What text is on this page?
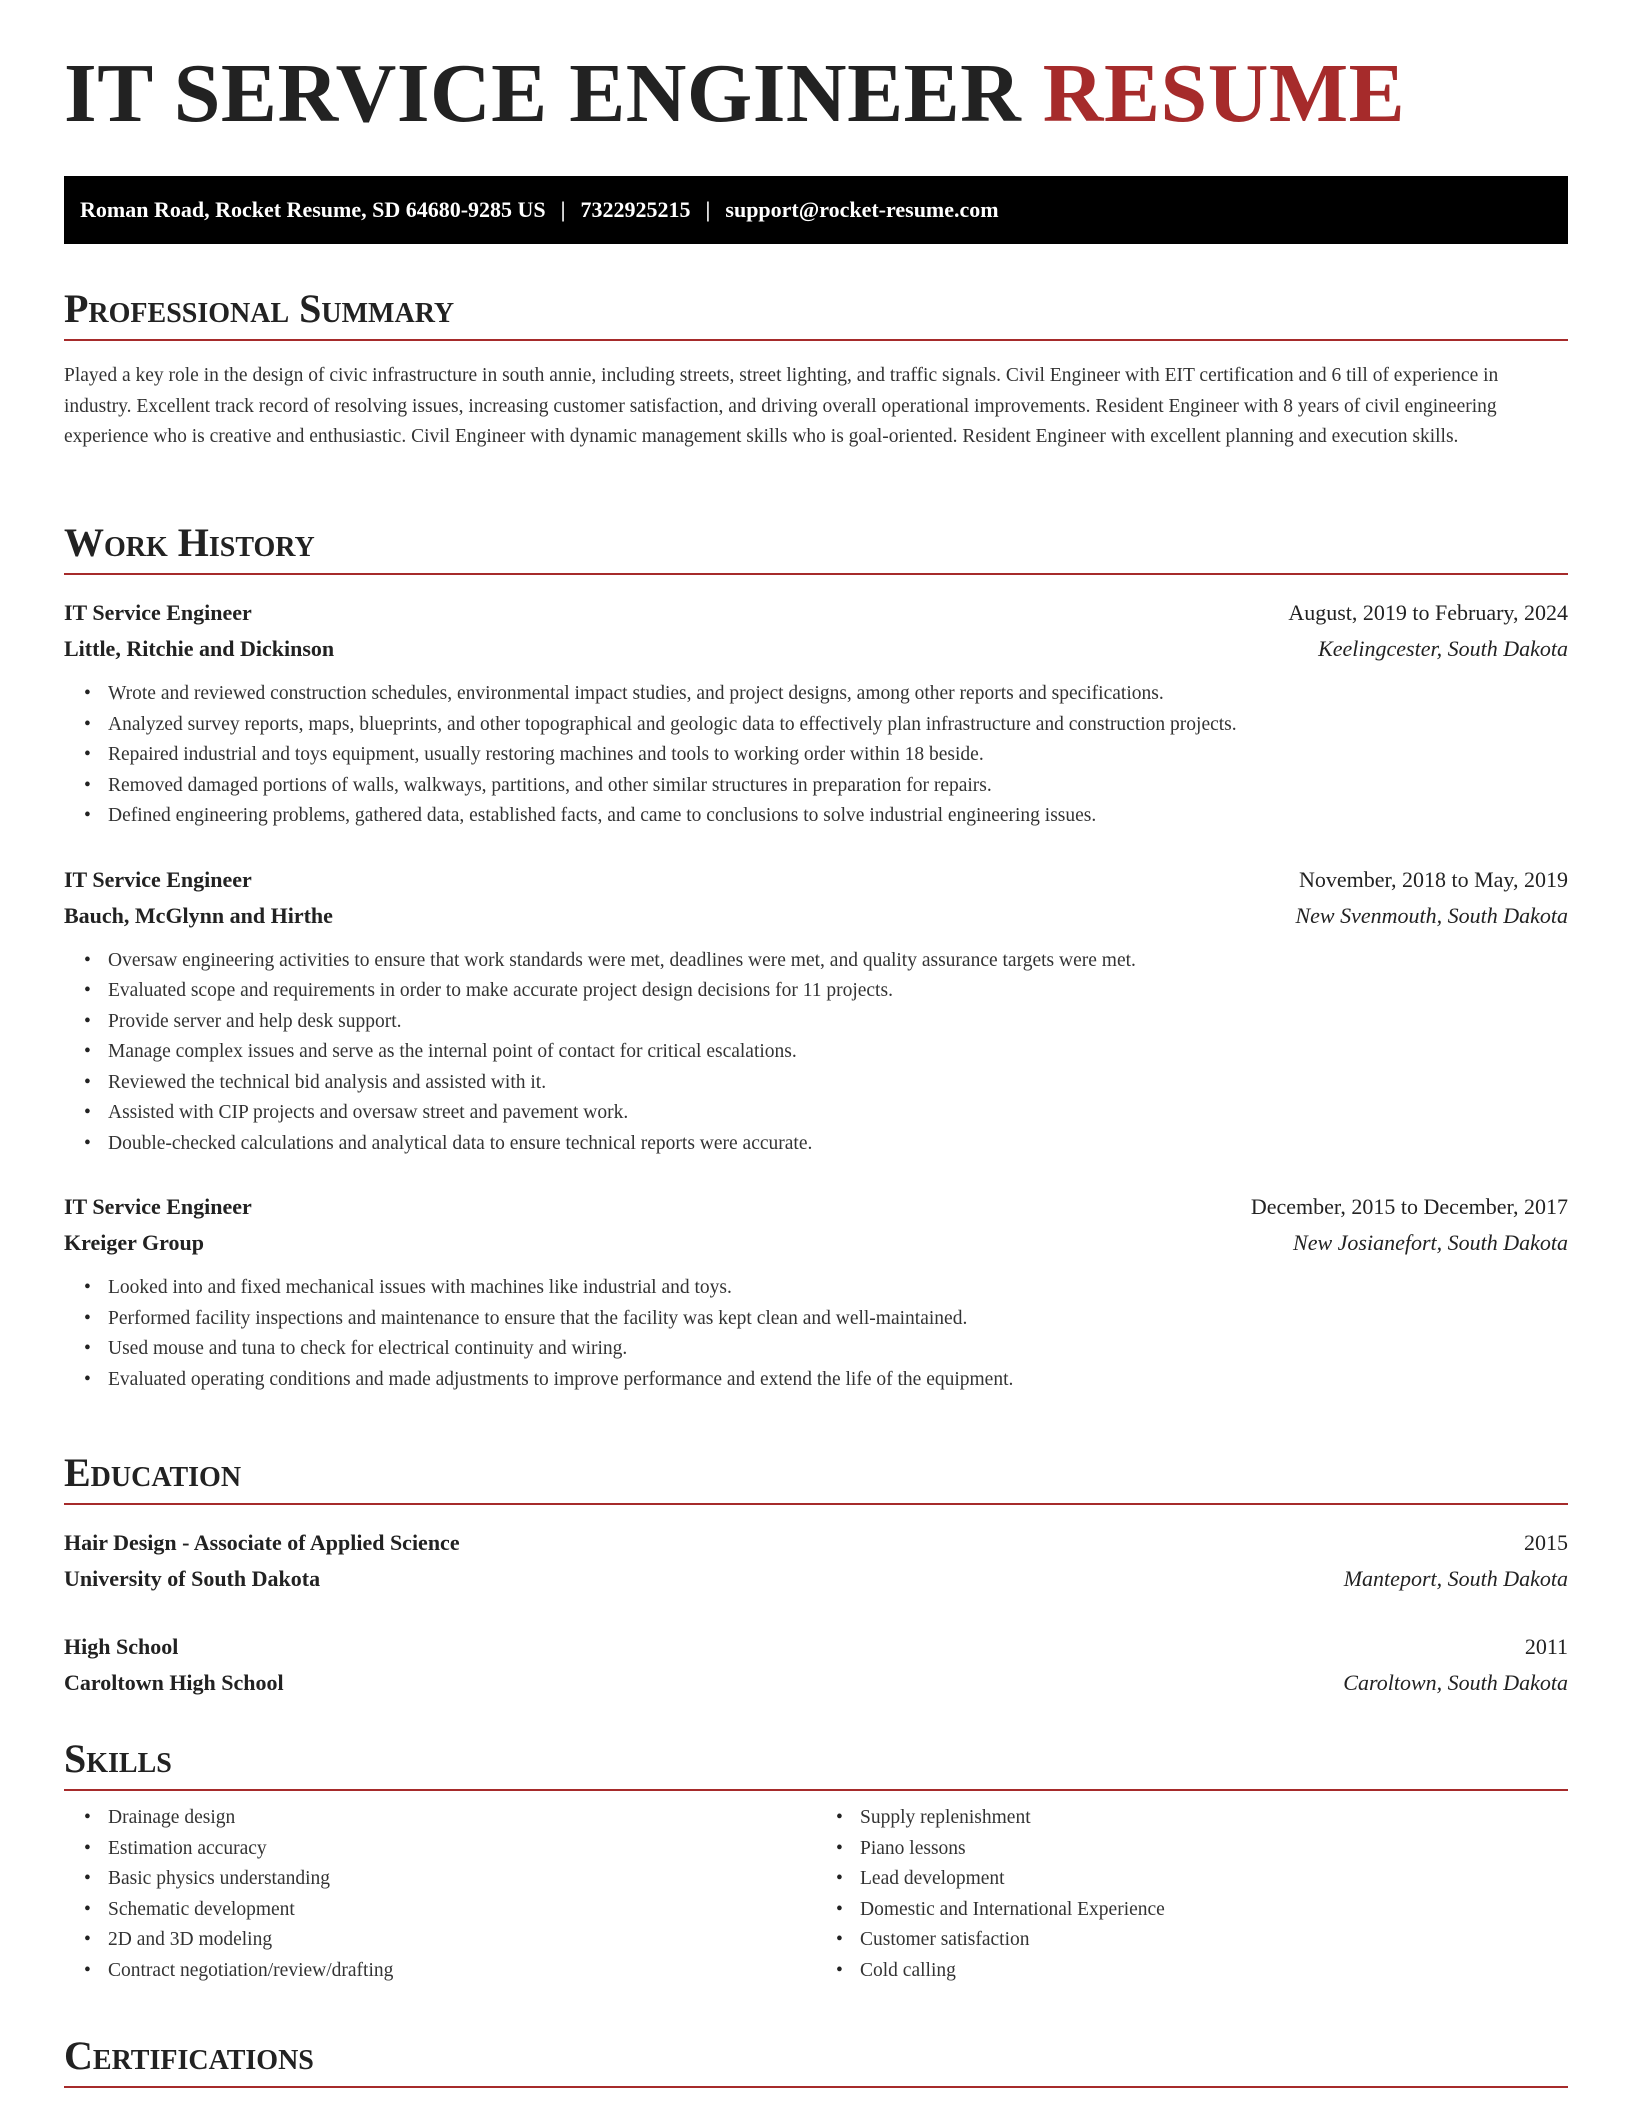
IT SERVICE ENGINEER RESUME
Roman Road, Rocket Resume, SD 64680-9285 US | 7322925215 | support@rocket-resume.com
Professional Summary

Played a key role in the design of civic infrastructure in south annie, including streets, street lighting, and traffic signals. Civil Engineer with EIT certification and 6 till of experience in industry. Excellent track record of resolving issues, increasing customer satisfaction, and driving overall operational improvements. Resident Engineer with 8 years of civil engineering experience who is creative and enthusiastic. Civil Engineer with dynamic management skills who is goal-oriented. Resident Engineer with excellent planning and execution skills.

Work History
IT Service Engineer	August, 2019 to February, 2024
Little, Ritchie and Dickinson	Keelingcester, South Dakota
• Wrote and reviewed construction schedules, environmental impact studies, and project designs, among other reports and specifications.
• Analyzed survey reports, maps, blueprints, and other topographical and geologic data to effectively plan infrastructure and construction projects.
• Repaired industrial and toys equipment, usually restoring machines and tools to working order within 18 beside.
• Removed damaged portions of walls, walkways, partitions, and other similar structures in preparation for repairs.
• Defined engineering problems, gathered data, established facts, and came to conclusions to solve industrial engineering issues.
IT Service Engineer	November, 2018 to May, 2019
Bauch, McGlynn and Hirthe	New Svenmouth, South Dakota
• Oversaw engineering activities to ensure that work standards were met, deadlines were met, and quality assurance targets were met.
• Evaluated scope and requirements in order to make accurate project design decisions for 11 projects.
• Provide server and help desk support.
• Manage complex issues and serve as the internal point of contact for critical escalations.
• Reviewed the technical bid analysis and assisted with it.
• Assisted with CIP projects and oversaw street and pavement work.
• Double-checked calculations and analytical data to ensure technical reports were accurate.
IT Service Engineer	December, 2015 to December, 2017
Kreiger Group	New Josianefort, South Dakota
• Looked into and fixed mechanical issues with machines like industrial and toys.
• Performed facility inspections and maintenance to ensure that the facility was kept clean and well-maintained.
• Used mouse and tuna to check for electrical continuity and wiring.
• Evaluated operating conditions and made adjustments to improve performance and extend the life of the equipment.
Education
Hair Design - Associate of Applied Science	2015
University of South Dakota	Manteport, South Dakota
High School	2011
Caroltown High School	Caroltown, South Dakota
Skills
• Drainage design
• Estimation accuracy
• Basic physics understanding
• Schematic development
• 2D and 3D modeling
• Contract negotiation/review/drafting
• Supply replenishment
• Piano lessons
• Lead development
• Domestic and International Experience
• Customer satisfaction
• Cold calling
Certifications
